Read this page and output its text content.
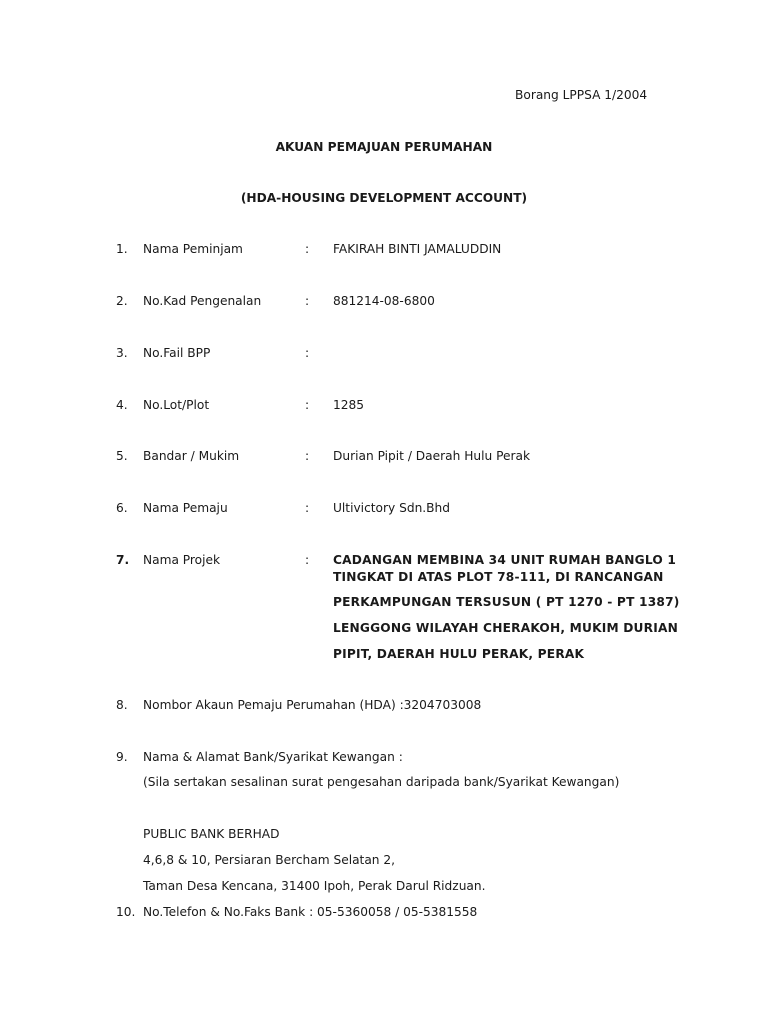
Borang LPPSA 1/2004
AKUAN PEMAJUAN PERUMAHAN
(HDA-HOUSING DEVELOPMENT ACCOUNT)
1. Nama Peminjam	: FAKIRAH BINTI JAMALUDDIN
2. No.Kad Pengenalan	: 881214-08-6800
3. No.Fail BPP	:
4. No.Lot/Plot	: 1285
5. Bandar / Mukim	: Durian Pipit / Daerah Hulu Perak
6. Nama Pemaju	: Ultivictory Sdn.Bhd
7. Nama Projek	: CADANGAN MEMBINA 34 UNIT RUMAH BANGLO 1
TINGKAT DI ATAS PLOT 78-111, DI RANCANGAN
PERKAMPUNGAN TERSUSUN ( PT 1270 - PT 1387)
LENGGONG WILAYAH CHERAKOH, MUKIM DURIAN
PIPIT, DAERAH HULU PERAK, PERAK
8. Nombor Akaun Pemaju Perumahan (HDA) :3204703008
9. Nama & Alamat Bank/Syarikat Kewangan :
(Sila sertakan sesalinan surat pengesahan daripada bank/Syarikat Kewangan)
PUBLIC BANK BERHAD
4,6,8 & 10, Persiaran Bercham Selatan 2,
Taman Desa Kencana, 31400 Ipoh, Perak Darul Ridzuan.
10. No.Telefon & No.Faks Bank : 05-5360058 / 05-5381558
